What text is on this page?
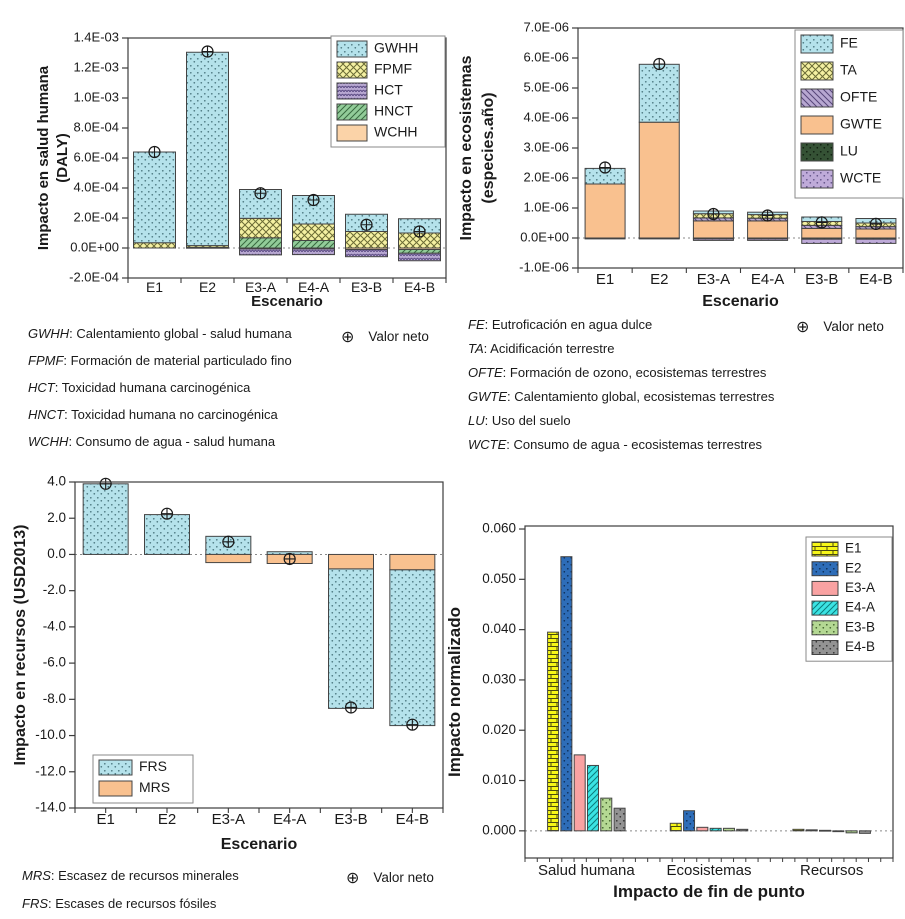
1.4E-03
1.2E-03
1.0E-03
8.0E-04
6.0E-04
4.0E-04
2.0E-04
0.0E+00
-2.0E-04
E1	E2 E3-A E4-A E3-B E4-B
Escenario
Impacto en salud humana (DALY)
GWHH
FPMF
HCT
HNCT
WCHH
7.0E-06
6.0E-06
5.0E-06
4.0E-06
3.0E-06
2.0E-06
1.0E-06
0.0E+00
-1.0E-06
E1 E2 E3-A E4-A E3-B E4-B
Escenario
Impacto en ecosistemas (especies.año)
FE
TA
OFTE
GWTE
LU
WCTE
4.0
2.0
0.0
-2.0
-4.0
-6.0
-8.0
-10.0
-12.0
-14.0
E1	E2 E3-A E4-A E3-B E4-B
Escenario
Impacto en recursos (USD2013)
FRS
MRS
0.060
0.050
0.040
0.030
0.020
0.010
0.000
Salud humana Ecosistemas	Recursos
Impacto de fin de punto
Impacto normalizado
E1
E2
E3-A
E4-A
E3-B
E4-B
GWHH: Calentamiento global - salud humana
FPMF: Formación de material particulado fino
HCT: Toxicidad humana carcinogénica
HNCT: Toxicidad humana no carcinogénica
WCHH: Consumo de agua - salud humana
⊕ Valor neto
FE: Eutroficación en agua dulce
TA: Acidificación terrestre
OFTE: Formación de ozono, ecosistemas terrestres
GWTE: Calentamiento global, ecosistemas terrestres
LU: Uso del suelo
WCTE: Consumo de agua - ecosistemas terrestres
⊕ Valor neto
MRS: Escasez de recursos minerales
FRS: Escases de recursos fósiles
⊕ Valor neto
